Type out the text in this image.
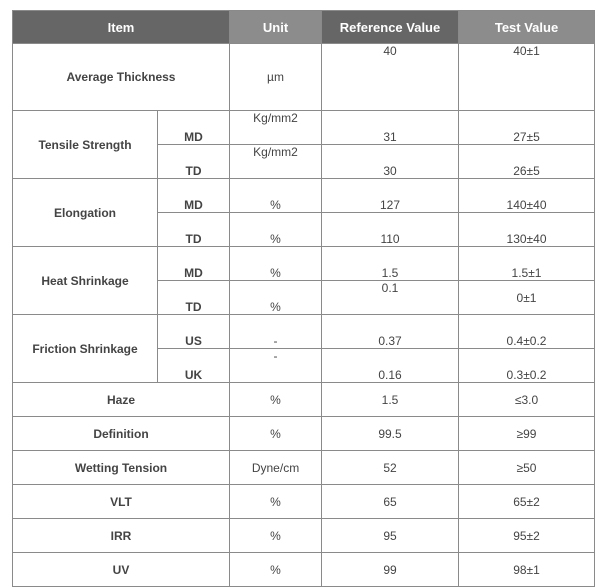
Item		Unit	Reference Value	Test Value
Average Thickness		µm	40	40±1
Tensile Strength	MD	Kg/mm2	31	27±5
	TD	Kg/mm2	30	26±5
Elongation	MD	%	127	140±40
	TD	%	110	130±40
Heat Shrinkage	MD	%	1.5	1.5±1
	TD	%	0.1	0±1
Friction Shrinkage	US	-	0.37	0.4±0.2
	UK	-	0.16	0.3±0.2
Haze		%	1.5	≤3.0
Definition		%	99.5	≥99
Wetting Tension		Dyne/cm	52	≥50
VLT		%	65	65±2
IRR		%	95	95±2
UV		%	99	98±1
